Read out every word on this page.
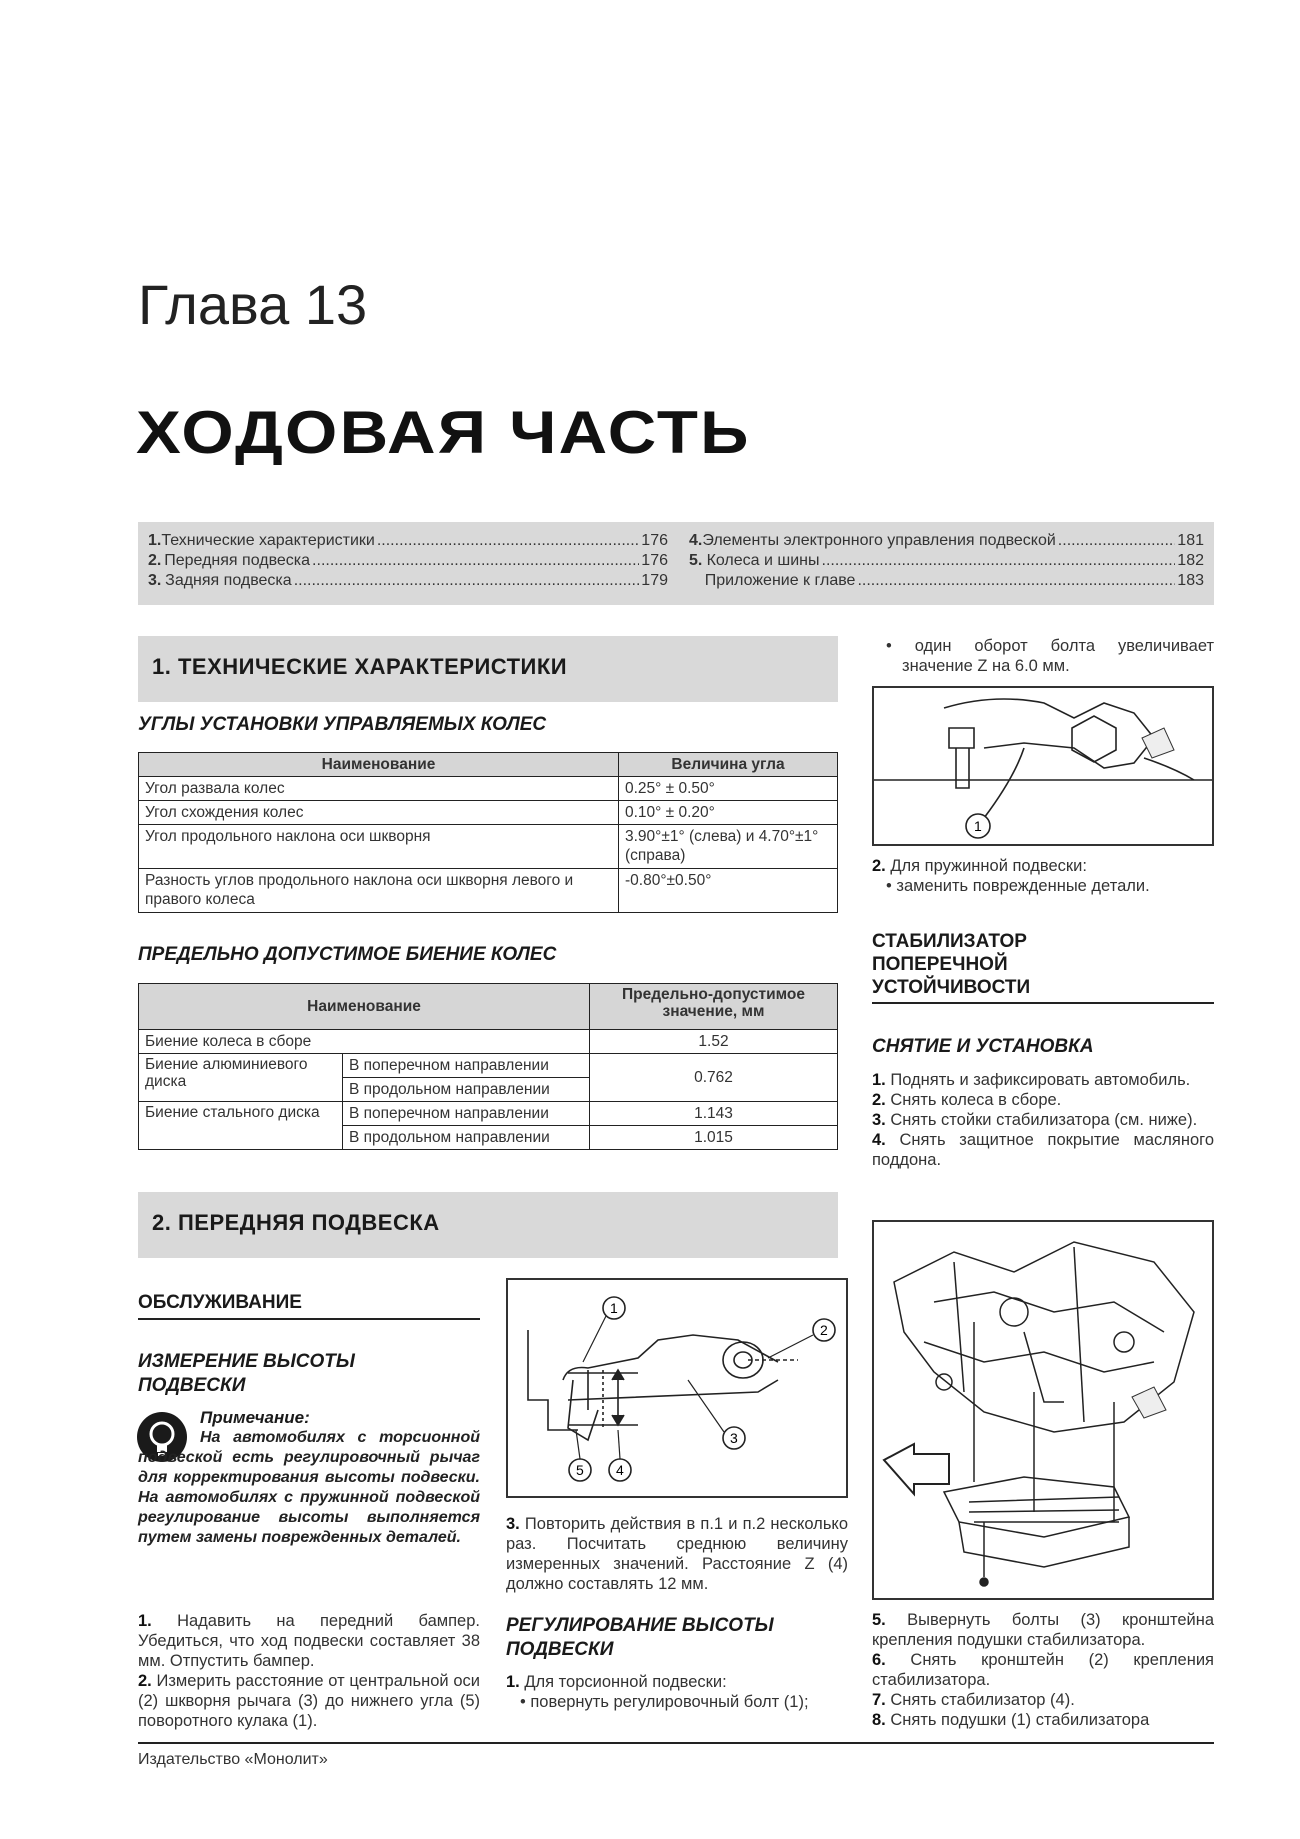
Глава 13
ХОДОВАЯ ЧАСТЬ
1. Технические характеристики .....	176
2. Передняя подвеска .....	176
3. Задняя подвеска .....	179
4. Элементы электронного управления подвеской .....	181
5. Колеса и шины .....	182
Приложение к главе .....	183
1. ТЕХНИЧЕСКИЕ ХАРАКТЕРИСТИКИ
УГЛЫ УСТАНОВКИ УПРАВЛЯЕМЫХ КОЛЕС
Наименование	Величина угла
Угол развала колес	0.25° ± 0.50°
Угол схождения колес	0.10° ± 0.20°
Угол продольного наклона оси шкворня	3.90°±1° (слева) и 4.70°±1° (справа)
Разность углов продольного наклона оси шкворня левого и правого колеса	-0.80°±0.50°
ПРЕДЕЛЬНО ДОПУСТИМОЕ БИЕНИЕ КОЛЕС
Наименование		Предельно-допустимое значение, мм
Биение колеса в сборе		1.52
Биение алюминиевого диска	В поперечном направлении	0.762
	В продольном направлении	
Биение стального диска	В поперечном направлении	1.143
	В продольном направлении	1.015
2. ПЕРЕДНЯЯ ПОДВЕСКА
ОБСЛУЖИВАНИЕ
ИЗМЕРЕНИЕ ВЫСОТЫ ПОДВЕСКИ
Примечание:
На автомобилях с торсионной подвеской есть регулировочный рычаг для корректирования высоты подвески. На автомобилях с пружинной подвеской регулирование высоты выполняется путем замены поврежденных деталей.
1. Надавить на передний бампер. Убедиться, что ход подвески составляет 38 мм. Отпустить бампер.
2. Измерить расстояние от центральной оси (2) шкворня рычага (3) до нижнего угла (5) поворотного кулака (1).
1
2
3
4
5
3. Повторить действия в п.1 и п.2 несколько раз. Посчитать среднюю величину измеренных значений. Расстояние Z (4) должно составлять 12 мм.
РЕГУЛИРОВАНИЕ ВЫСОТЫ ПОДВЕСКИ
1. Для торсионной подвески:
• повернуть регулировочный болт (1);
• один оборот болта увеличивает значение Z на 6.0 мм.
1
2. Для пружинной подвески:
• заменить поврежденные детали.
СТАБИЛИЗАТОР ПОПЕРЕЧНОЙ УСТОЙЧИВОСТИ
СНЯТИЕ И УСТАНОВКА
1. Поднять и зафиксировать автомобиль.
2. Снять колеса в сборе.
3. Снять стойки стабилизатора (см. ниже).
4. Снять защитное покрытие масляного поддона.
5. Вывернуть болты (3) кронштейна крепления подушки стабилизатора.
6. Снять кронштейн (2) крепления стабилизатора.
7. Снять стабилизатор (4).
8. Снять подушки (1) стабилизатора
Издательство «Монолит»
